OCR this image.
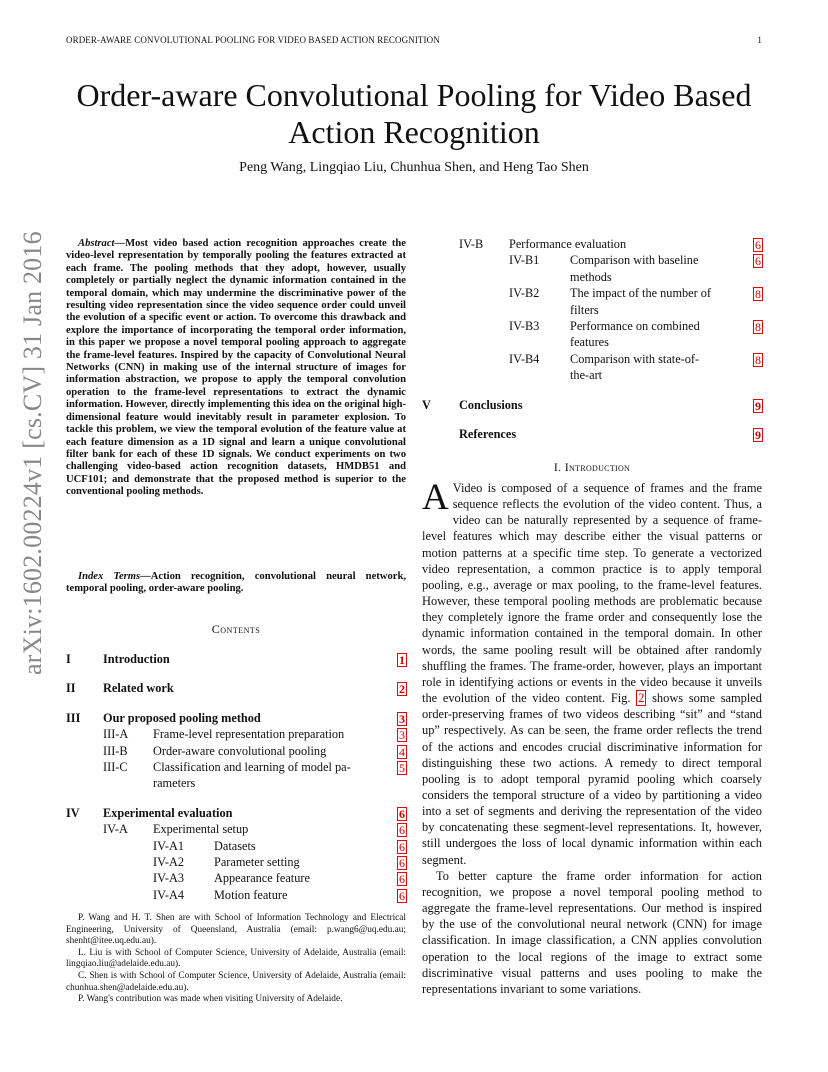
ORDER-AWARE CONVOLUTIONAL POOLING FOR VIDEO BASED ACTION RECOGNITION	1
arXiv:1602.00224v1 [cs.CV] 31 Jan 2016
Order-aware Convolutional Pooling for Video Based Action Recognition
Peng Wang, Lingqiao Liu, Chunhua Shen, and Heng Tao Shen
Abstract—Most video based action recognition approaches create the video-level representation by temporally pooling the features extracted at each frame. The pooling methods that they adopt, however, usually completely or partially neglect the dynamic information contained in the temporal domain, which may undermine the discriminative power of the resulting video representation since the video sequence order could unveil the evolution of a specific event or action. To overcome this drawback and explore the importance of incorporating the temporal order information, in this paper we propose a novel temporal pooling approach to aggregate the frame-level features. Inspired by the capacity of Convolutional Neural Networks (CNN) in making use of the internal structure of images for information abstraction, we propose to apply the temporal convolution operation to the frame-level representations to extract the dynamic information. However, directly implementing this idea on the original high-dimensional feature would inevitably result in parameter explosion. To tackle this problem, we view the temporal evolution of the feature value at each feature dimension as a 1D signal and learn a unique convolutional filter bank for each of these 1D signals. We conduct experiments on two challenging video-based action recognition datasets, HMDB51 and UCF101; and demonstrate that the proposed method is superior to the conventional pooling methods.
Index Terms—Action recognition, convolutional neural network, temporal pooling, order-aware pooling.
Contents
I	Introduction	1
II Related work	2
III Our proposed pooling method	3
III-A Frame-level representation preparation	3
III-B Order-aware convolutional pooling	4
III-C Classification and learning of model pa-	5
rameters
IV Experimental evaluation	6
IV-A Experimental setup	6
IV-A1 Datasets	6
IV-A2 Parameter setting	6
IV-A3 Appearance feature	6
IV-A4 Motion feature	6
IV-B Performance evaluation	6
IV-B1 Comparison with baseline	6
methods
IV-B2 The impact of the number of	8
filters
IV-B3 Performance on combined	8
features
IV-B4 Comparison with state-of-	8
the-art
V Conclusions	9
References	9

P. Wang and H. T. Shen are with School of Information Technology and Electrical Engineering, University of Queensland, Australia (email: p.wang6@uq.edu.au; shenht@itee.uq.edu.au).

L. Liu is with School of Computer Science, University of Adelaide, Australia (email: lingqiao.liu@adelaide.edu.au).

C. Shen is with School of Computer Science, University of Adelaide, Australia (email: chunhua.shen@adelaide.edu.au).

P. Wang's contribution was made when visiting University of Adelaide.

I. Introduction

A Video is composed of a sequence of frames and the frame sequence reflects the evolution of the video content. Thus, a video can be naturally represented by a sequence of frame-level features which may describe either the visual patterns or motion patterns at a specific time step. To generate a vectorized video representation, a common practice is to apply temporal pooling, e.g., average or max pooling, to the frame-level features. However, these temporal pooling methods are problematic because they completely ignore the frame order and consequently lose the dynamic information contained in the temporal domain. In other words, the same pooling result will be obtained after randomly shuffling the frames. The frame-order, however, plays an important role in identifying actions or events in the video because it unveils the evolution of the video content. Fig. 2 shows some sampled order-preserving frames of two videos describing “sit” and “stand up” respectively. As can be seen, the frame order reflects the trend of the actions and encodes crucial discriminative information for distinguishing these two actions. A remedy to direct temporal pooling is to adopt temporal pyramid pooling which coarsely considers the temporal structure of a video by partitioning a video into a set of segments and deriving the representation of the video by concatenating these segment-level representations. It, however, still undergoes the loss of local dynamic information within each segment.

To better capture the frame order information for action recognition, we propose a novel temporal pooling method to aggregate the frame-level representations. Our method is inspired by the use of the convolutional neural network (CNN) for image classification. In image classification, a CNN applies convolution operation to the local regions of the image to extract some discriminative visual patterns and uses pooling to make the representations invariant to some variations.
